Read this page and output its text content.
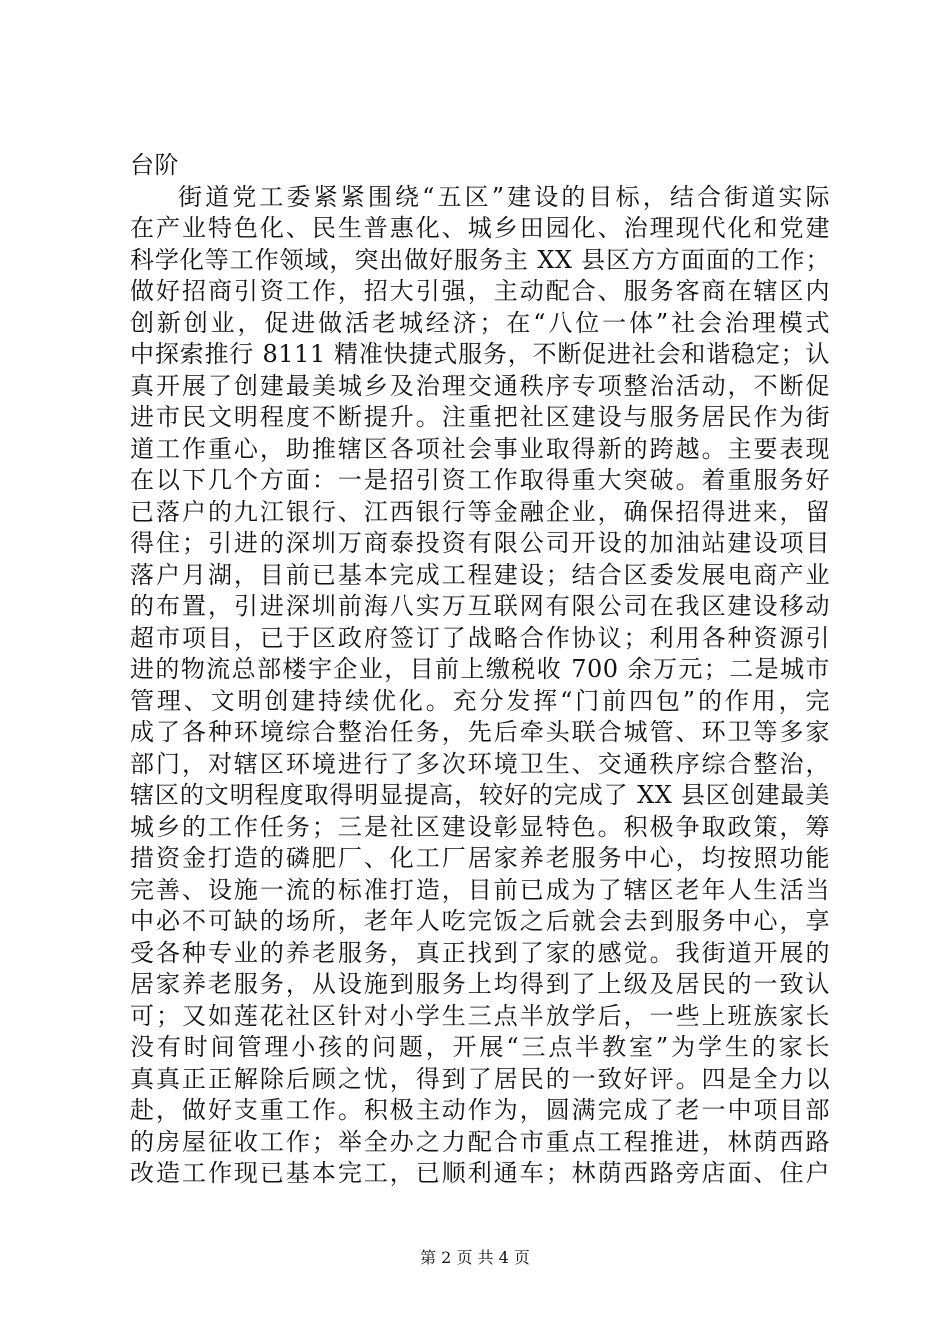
台阶
街道党工委紧紧围绕“五区”建设的目标，结合街道实际
在产业特色化、民生普惠化、城乡田园化、治理现代化和党建
科学化等工作领域，突出做好服务主 XX 县区方方面面的工作；
做好招商引资工作，招大引强，主动配合、服务客商在辖区内
创新创业，促进做活老城经济；在“八位一体”社会治理模式
中探索推行 8111 精准快捷式服务，不断促进社会和谐稳定；认
真开展了创建最美城乡及治理交通秩序专项整治活动，不断促
进市民文明程度不断提升。注重把社区建设与服务居民作为街
道工作重心，助推辖区各项社会事业取得新的跨越。主要表现
在以下几个方面：一是招引资工作取得重大突破。着重服务好
已落户的九江银行、江西银行等金融企业，确保招得进来，留
得住；引进的深圳万商泰投资有限公司开设的加油站建设项目
落户月湖，目前已基本完成工程建设；结合区委发展电商产业
的布置，引进深圳前海八实万互联网有限公司在我区建设移动
超市项目，已于区政府签订了战略合作协议；利用各种资源引
进的物流总部楼宇企业，目前上缴税收 700 余万元；二是城市
管理、文明创建持续优化。充分发挥“门前四包”的作用，完
成了各种环境综合整治任务，先后牵头联合城管、环卫等多家
部门，对辖区环境进行了多次环境卫生、交通秩序综合整治，
辖区的文明程度取得明显提高，较好的完成了 XX 县区创建最美
城乡的工作任务；三是社区建设彰显特色。积极争取政策，筹
措资金打造的磷肥厂、化工厂居家养老服务中心，均按照功能
完善、设施一流的标准打造，目前已成为了辖区老年人生活当
中必不可缺的场所，老年人吃完饭之后就会去到服务中心，享
受各种专业的养老服务，真正找到了家的感觉。我街道开展的
居家养老服务，从设施到服务上均得到了上级及居民的一致认
可；又如莲花社区针对小学生三点半放学后，一些上班族家长
没有时间管理小孩的问题，开展“三点半教室”为学生的家长
真真正正解除后顾之忧，得到了居民的一致好评。四是全力以
赴，做好支重工作。积极主动作为，圆满完成了老一中项目部
的房屋征收工作；举全办之力配合市重点工程推进，林荫西路
改造工作现已基本完工，已顺利通车；林荫西路旁店面、住户
第 2 页 共 4 页
